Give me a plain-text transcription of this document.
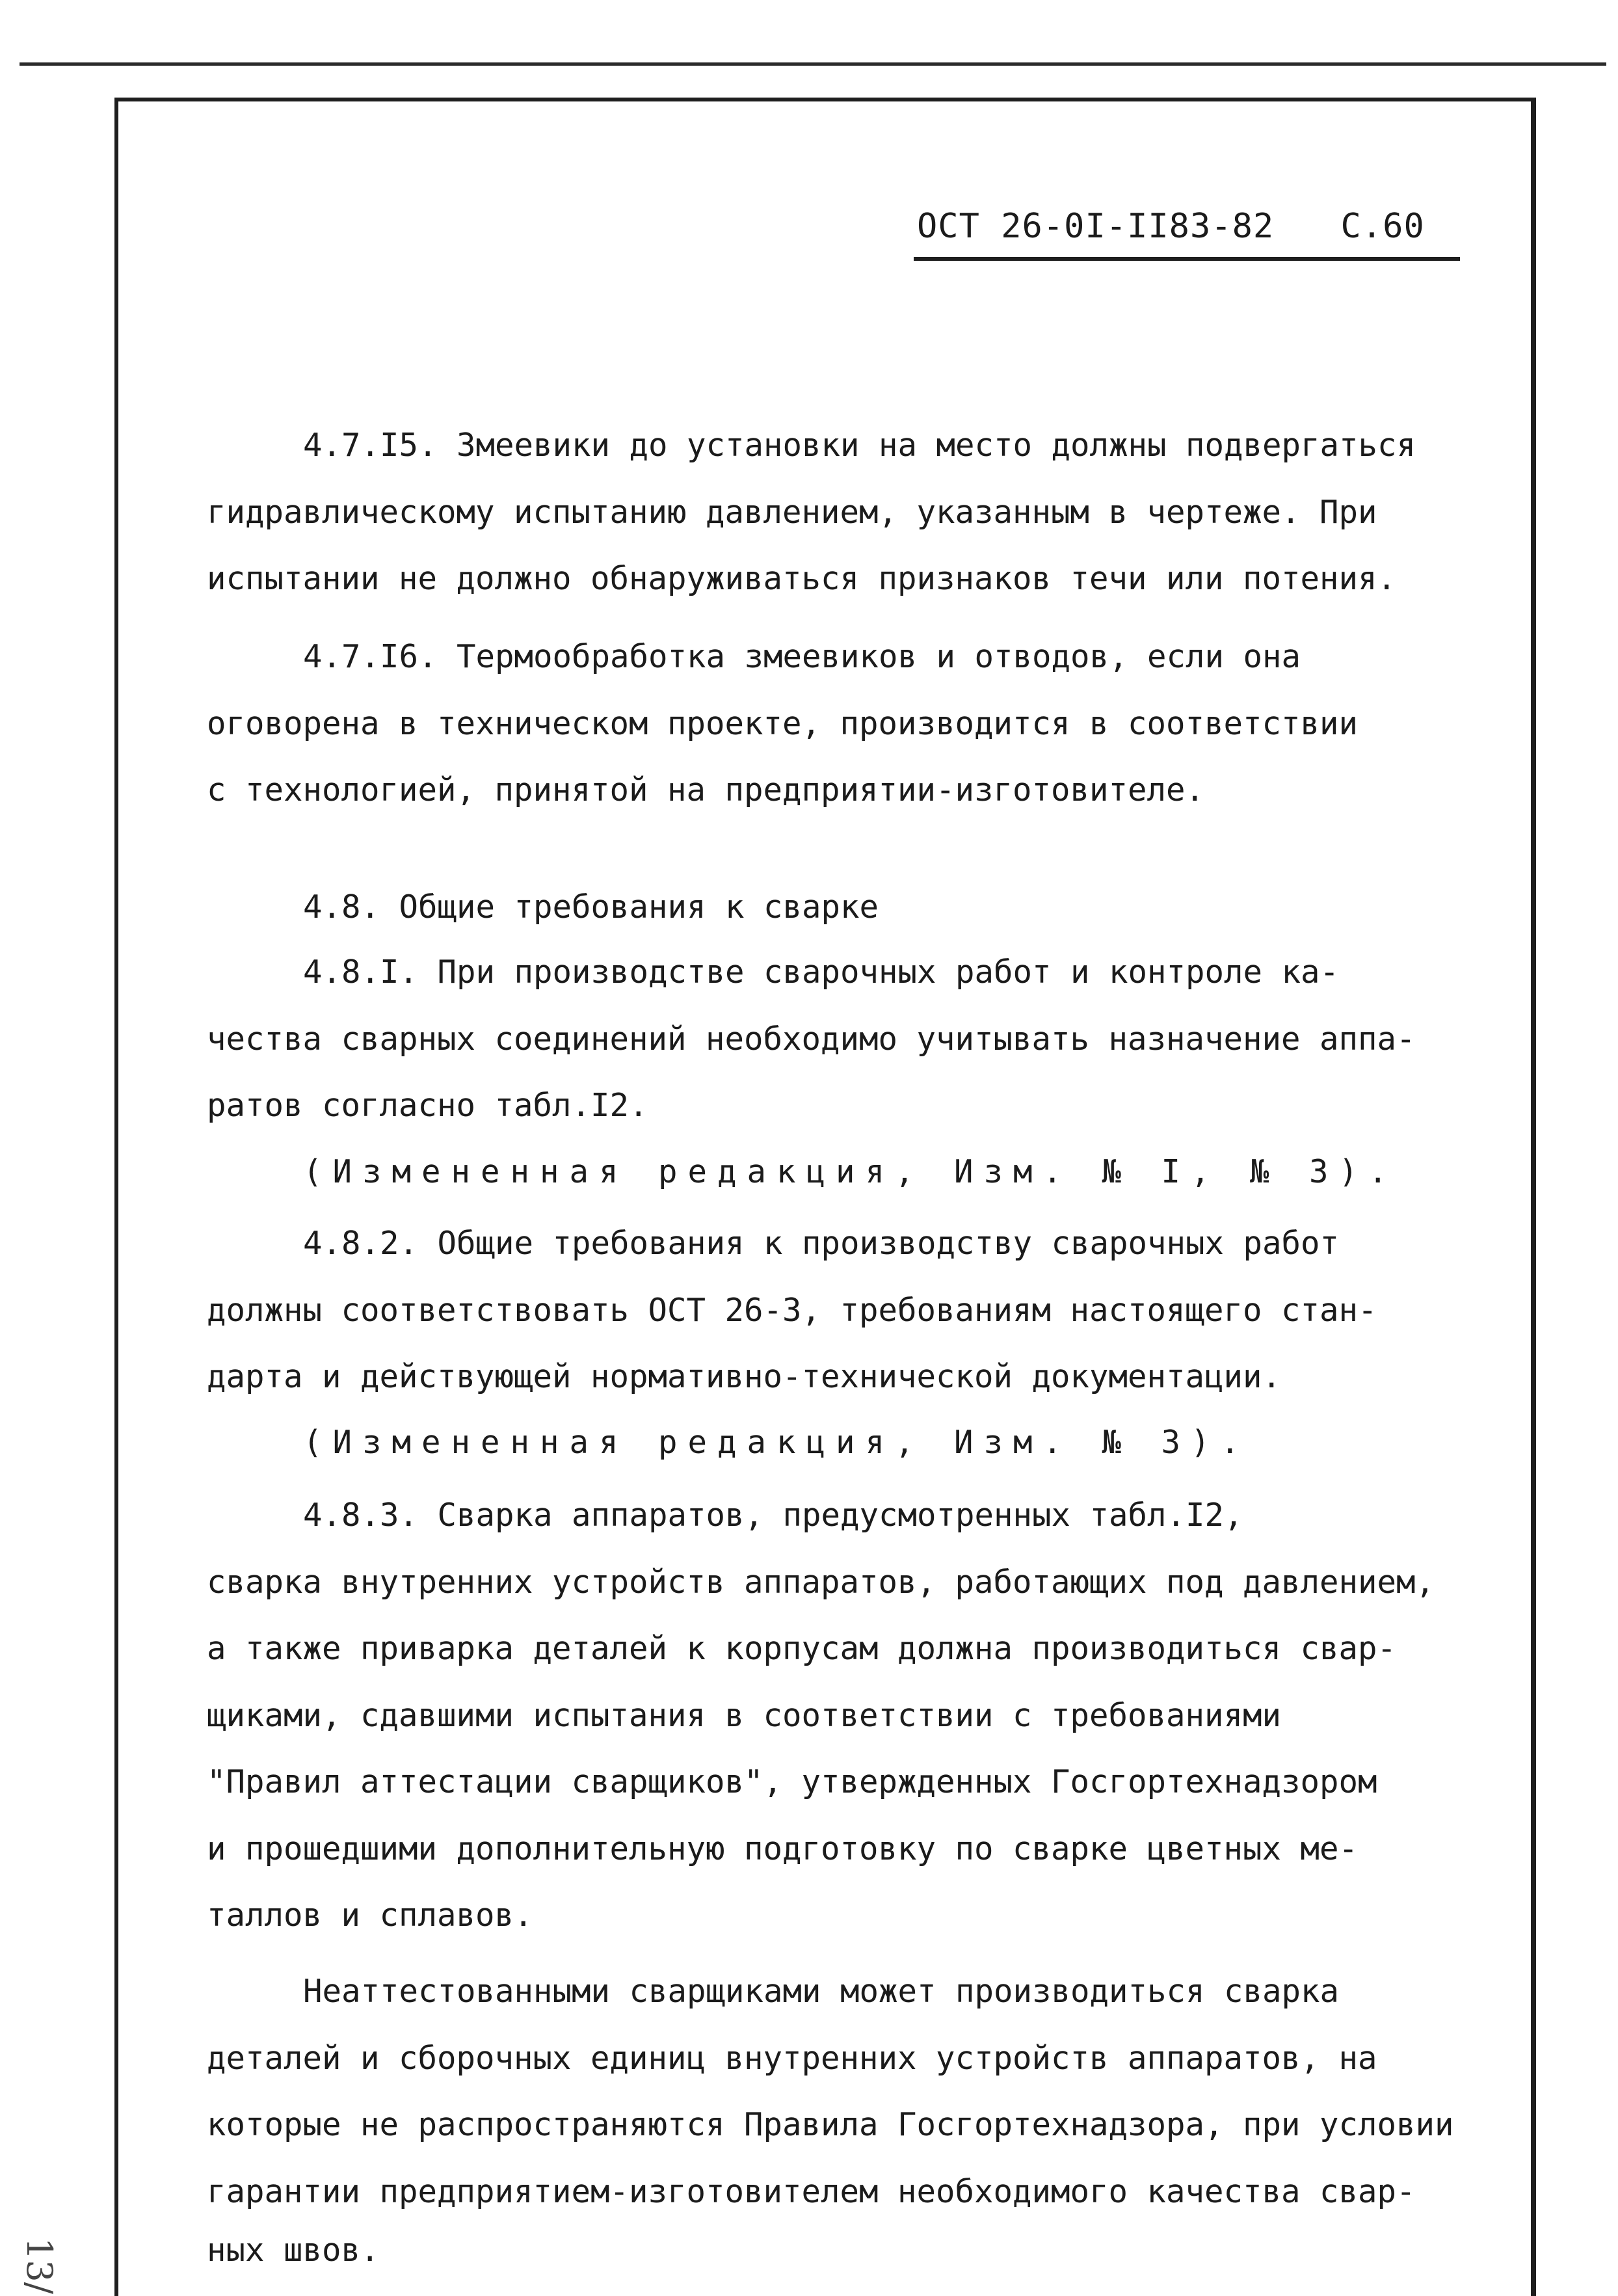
13/
ОСТ 26-0I-II83-82 С.60
4.7.I5. Змеевики до установки на место должны подвергаться
гидравлическому испытанию давлением, указанным в чертеже. При
испытании не должно обнаруживаться признаков течи или потения.
4.7.I6. Термообработка змеевиков и отводов, если она
оговорена в техническом проекте, производится в соответствии
с технологией, принятой на предприятии-изготовителе.
4.8. Общие требования к сварке
4.8.I. При производстве сварочных работ и контроле ка-
чества сварных соединений необходимо учитывать назначение аппа-
ратов согласно табл.I2.
(Измененная редакция, Изм. № I, № 3).
4.8.2. Общие требования к производству сварочных работ
должны соответствовать ОСТ 26-3, требованиям настоящего стан-
дарта и действующей нормативно-технической документации.
(Измененная редакция, Изм. № 3).
4.8.3. Сварка аппаратов, предусмотренных табл.I2,
сварка внутренних устройств аппаратов, работающих под давлением,
а также приварка деталей к корпусам должна производиться свар-
щиками, сдавшими испытания в соответствии с требованиями
"Правил аттестации сварщиков", утвержденных Госгортехнадзором
и прошедшими дополнительную подготовку по сварке цветных ме-
таллов и сплавов.
Неаттестованными сварщиками может производиться сварка
деталей и сборочных единиц внутренних устройств аппаратов, на
которые не распространяются Правила Госгортехнадзора, при условии
гарантии предприятием-изготовителем необходимого качества свар-
ных швов.
